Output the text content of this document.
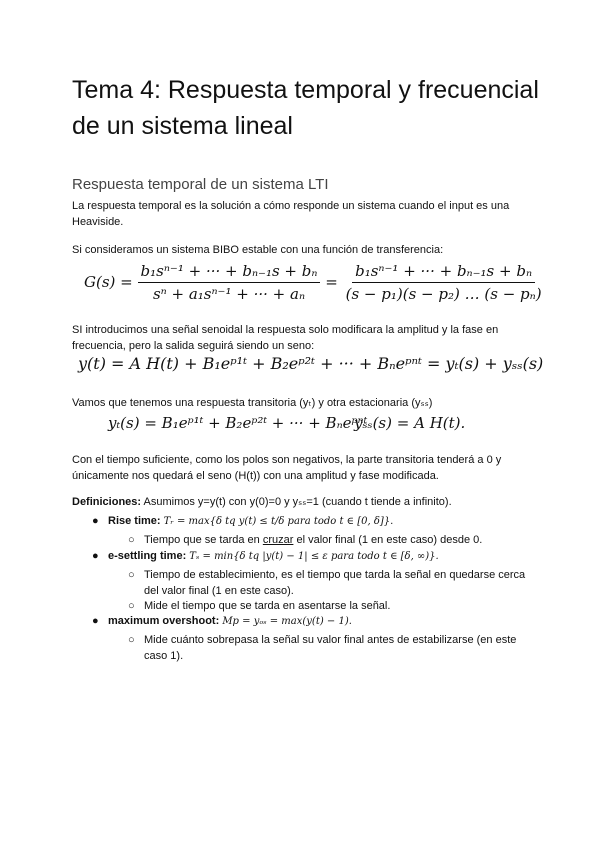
Tema 4: Respuesta temporal y frecuencial de un sistema lineal
Respuesta temporal de un sistema LTI
La respuesta temporal es la solución a cómo responde un sistema cuando el input es una Heaviside.
Si consideramos un sistema BIBO estable con una función de transferencia:
G(s) =
$\frac{\text{b₁sⁿ⁻¹ + ··· + bₙ₋₁s + bₙ}}{\text{sⁿ + a₁sⁿ⁻¹ + ··· + aₙ}}$
=
$\frac{\text{b₁sⁿ⁻¹ + ··· + bₙ₋₁s + bₙ}}{\text{(s − p₁)(s − p₂) … (s − pₙ)}}$
SI introducimos una señal senoidal la respuesta solo modificara la amplitud y la fase en frecuencia, pero la salida seguirá siendo un seno:
y(t) = A H(t) + B₁eᵖ¹ᵗ + B₂eᵖ²ᵗ + ··· + Bₙeᵖⁿᵗ = yₜ(s) + yₛₛ(s)
Vamos que tenemos una respuesta transitoria (yₜ) y otra estacionaria (yₛₛ)
yₜ(s) = B₁eᵖ¹ᵗ + B₂eᵖ²ᵗ + ··· + Bₙeᵖⁿᵗ
yₛₛ(s) = A H(t).
Con el tiempo suficiente, como los polos son negativos, la parte transitoria tenderá a 0 y únicamente nos quedará el seno (H(t)) con una amplitud y fase modificada.
Definiciones: Asumimos y=y(t) con y(0)=0 y yₛₛ=1 (cuando t tiende a infinito).
● Rise time: Tᵣ = max{δ tq y(t) ≤ t/δ para todo t ∈ [0, δ]}.
○ Tiempo que se tarda en cruzar el valor final (1 en este caso) desde 0.
● e-settling time: Tₛ = min{δ tq |y(t) − 1| ≤ ε para todo t ∈ [δ, ∞)}.
○ Tiempo de establecimiento, es el tiempo que tarda la señal en quedarse cerca del valor final (1 en este caso).
○ Mide el tiempo que se tarda en asentarse la señal.
● maximum overshoot: Mp = yₒₛ = max(y(t) − 1).
○ Mide cuánto sobrepasa la señal su valor final antes de estabilizarse (en este caso 1).
